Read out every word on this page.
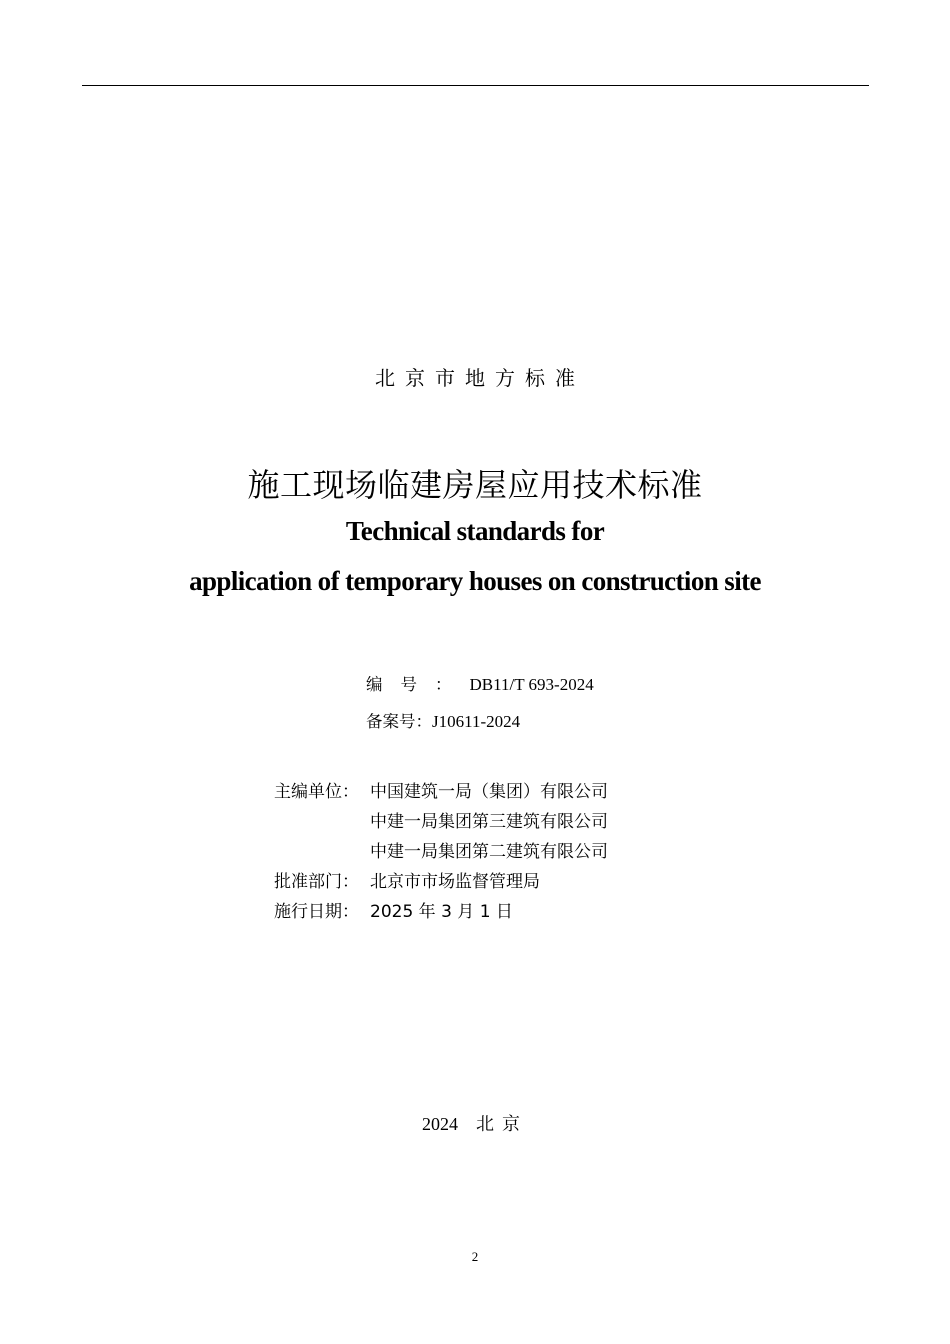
北京市地方标准
施工现场临建房屋应用技术标准
Technical standards for
application of temporary houses on construction site
编号：DB11/T 693-2024
备案号：J10611-2024
主编单位： 中国建筑一局（集团）有限公司
中建一局集团第三建筑有限公司
中建一局集团第二建筑有限公司
批准部门： 北京市市场监督管理局
施行日期： 2025 年 3 月 1 日
2024 北京
2
